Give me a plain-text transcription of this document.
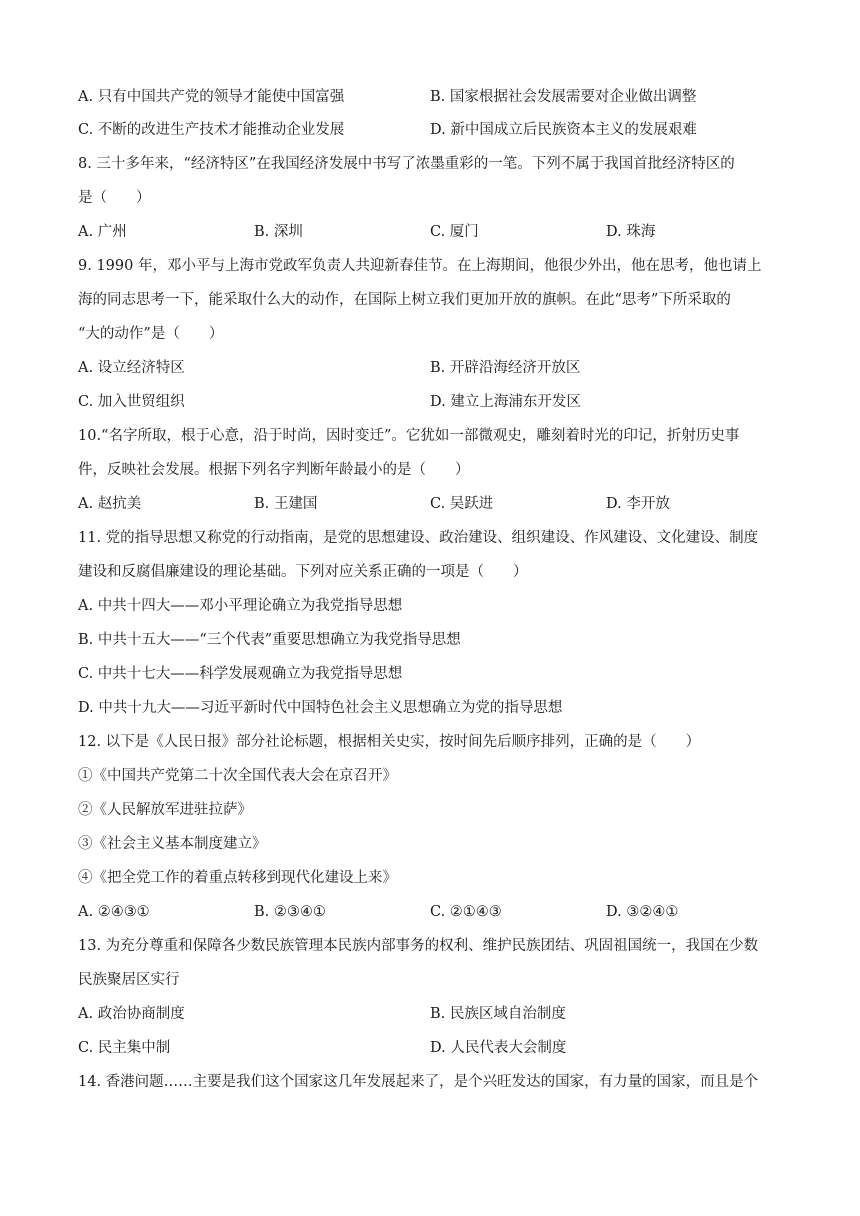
A. 只有中国共产党的领导才能使中国富强	B. 国家根据社会发展需要对企业做出调整
C. 不断的改进生产技术才能推动企业发展	D. 新中国成立后民族资本主义的发展艰难
8. 三十多年来，“经济特区”在我国经济发展中书写了浓墨重彩的一笔。下列不属于我国首批经济特区的
是（　　）
A. 广州	B. 深圳	C. 厦门	D. 珠海
9. 1990 年，邓小平与上海市党政军负责人共迎新春佳节。在上海期间，他很少外出，他在思考，他也请上
海的同志思考一下，能采取什么大的动作，在国际上树立我们更加开放的旗帜。在此“思考”下所采取的
“大的动作”是（　　）
A. 设立经济特区	B. 开辟沿海经济开放区
C. 加入世贸组织	D. 建立上海浦东开发区
10.“名字所取，根于心意，沿于时尚，因时变迁”。它犹如一部微观史，雕刻着时光的印记，折射历史事
件，反映社会发展。根据下列名字判断年龄最小的是（　　）
A. 赵抗美	B. 王建国	C. 吴跃进	D. 李开放
11. 党的指导思想又称党的行动指南，是党的思想建设、政治建设、组织建设、作风建设、文化建设、制度
建设和反腐倡廉建设的理论基础。下列对应关系正确的一项是（　　）
A. 中共十四大——邓小平理论确立为我党指导思想
B. 中共十五大——“三个代表”重要思想确立为我党指导思想
C. 中共十七大——科学发展观确立为我党指导思想
D. 中共十九大——习近平新时代中国特色社会主义思想确立为党的指导思想
12. 以下是《人民日报》部分社论标题，根据相关史实，按时间先后顺序排列，正确的是（　　）
①《中国共产党第二十次全国代表大会在京召开》
②《人民解放军进驻拉萨》
③《社会主义基本制度建立》
④《把全党工作的着重点转移到现代化建设上来》
A. ②④③①	B. ②③④①	C. ②①④③	D. ③②④①
13. 为充分尊重和保障各少数民族管理本民族内部事务的权利、维护民族团结、巩固祖国统一，我国在少数
民族聚居区实行
A. 政治协商制度	B. 民族区域自治制度
C. 民主集中制	D. 人民代表大会制度
14. 香港问题……主要是我们这个国家这几年发展起来了，是个兴旺发达的国家，有力量的国家，而且是个
